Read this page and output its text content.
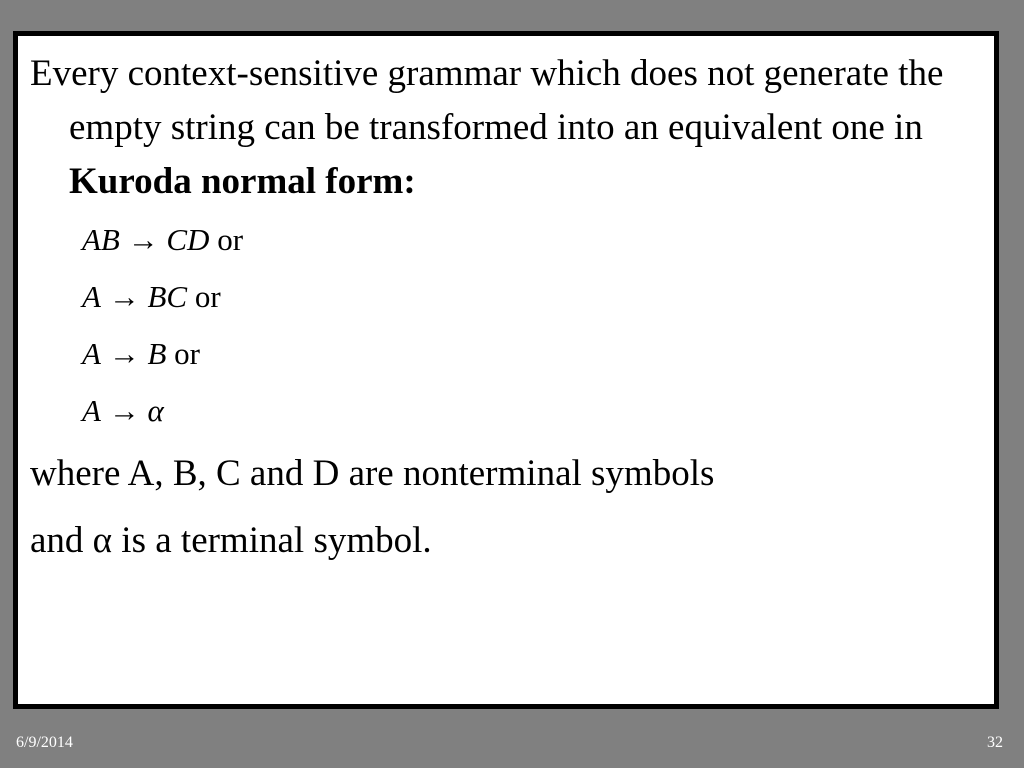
Every context-sensitive grammar which does not generate the empty string can be transformed into an equivalent one in Kuroda normal form:

AB → CD or
A → BC or
A → B or
A → α

where A, B, C and D are nonterminal symbols

and α is a terminal symbol.

6/9/2014	32
